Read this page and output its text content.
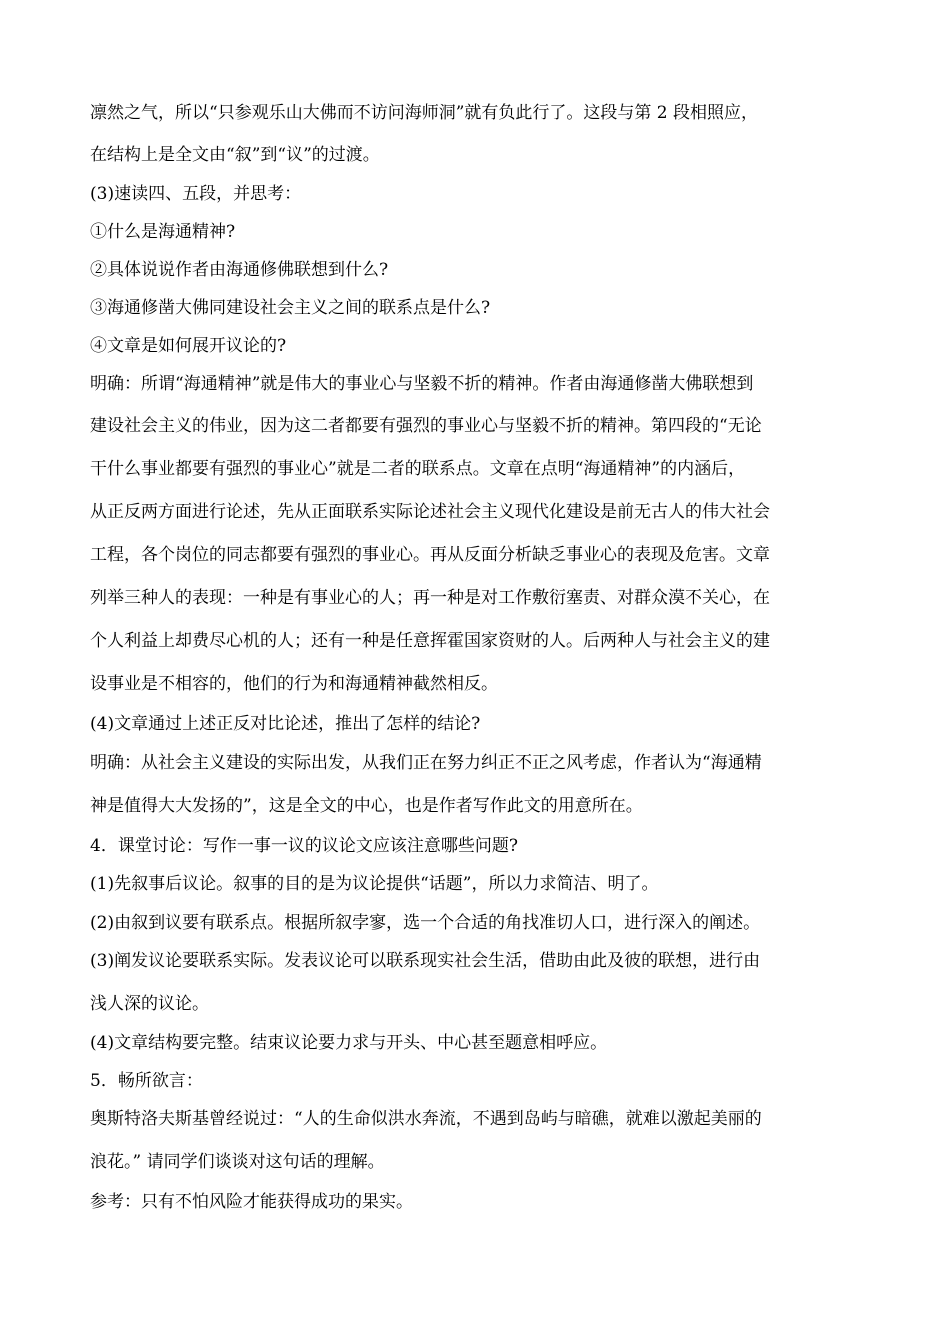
凛然之气，所以“只参观乐山大佛而不访问海师洞”就有负此行了。这段与第 2 段相照应，

在结构上是全文由“叙”到“议”的过渡。

(3)速读四、五段，并思考：

①什么是海通精神?

②具体说说作者由海通修佛联想到什么?

③海通修凿大佛同建设社会主义之间的联系点是什么?

④文章是如何展开议论的?

明确：所谓“海通精神”就是伟大的事业心与坚毅不折的精神。作者由海通修凿大佛联想到

建设社会主义的伟业，因为这二者都要有强烈的事业心与坚毅不折的精神。第四段的“无论

干什么事业都要有强烈的事业心”就是二者的联系点。文章在点明“海通精神”的内涵后，

从正反两方面进行论述，先从正面联系实际论述社会主义现代化建设是前无古人的伟大社会

工程，各个岗位的同志都要有强烈的事业心。再从反面分析缺乏事业心的表现及危害。文章

列举三种人的表现：一种是有事业心的人；再一种是对工作敷衍塞责、对群众漠不关心，在

个人利益上却费尽心机的人；还有一种是任意挥霍国家资财的人。后两种人与社会主义的建

设事业是不相容的，他们的行为和海通精神截然相反。

(4)文章通过上述正反对比论述，推出了怎样的结论?

明确：从社会主义建设的实际出发，从我们正在努力纠正不正之风考虑，作者认为“海通精

神是值得大大发扬的”，这是全文的中心，也是作者写作此文的用意所在。

4．课堂讨论：写作一事一议的议论文应该注意哪些问题?

(1)先叙事后议论。叙事的目的是为议论提供“话题”，所以力求简洁、明了。

(2)由叙到议要有联系点。根据所叙孛寥，选一个合适的角找准切人口，进行深入的阐述。

(3)阐发议论要联系实际。发表议论可以联系现实社会生活，借助由此及彼的联想，进行由

浅人深的议论。

(4)文章结构要完整。结束议论要力求与开头、中心甚至题意相呼应。

5．畅所欲言：

奥斯特洛夫斯基曾经说过：“人的生命似洪水奔流，不遇到岛屿与暗礁，就难以激起美丽的

浪花。” 请同学们谈谈对这句话的理解。

参考：只有不怕风险才能获得成功的果实。
